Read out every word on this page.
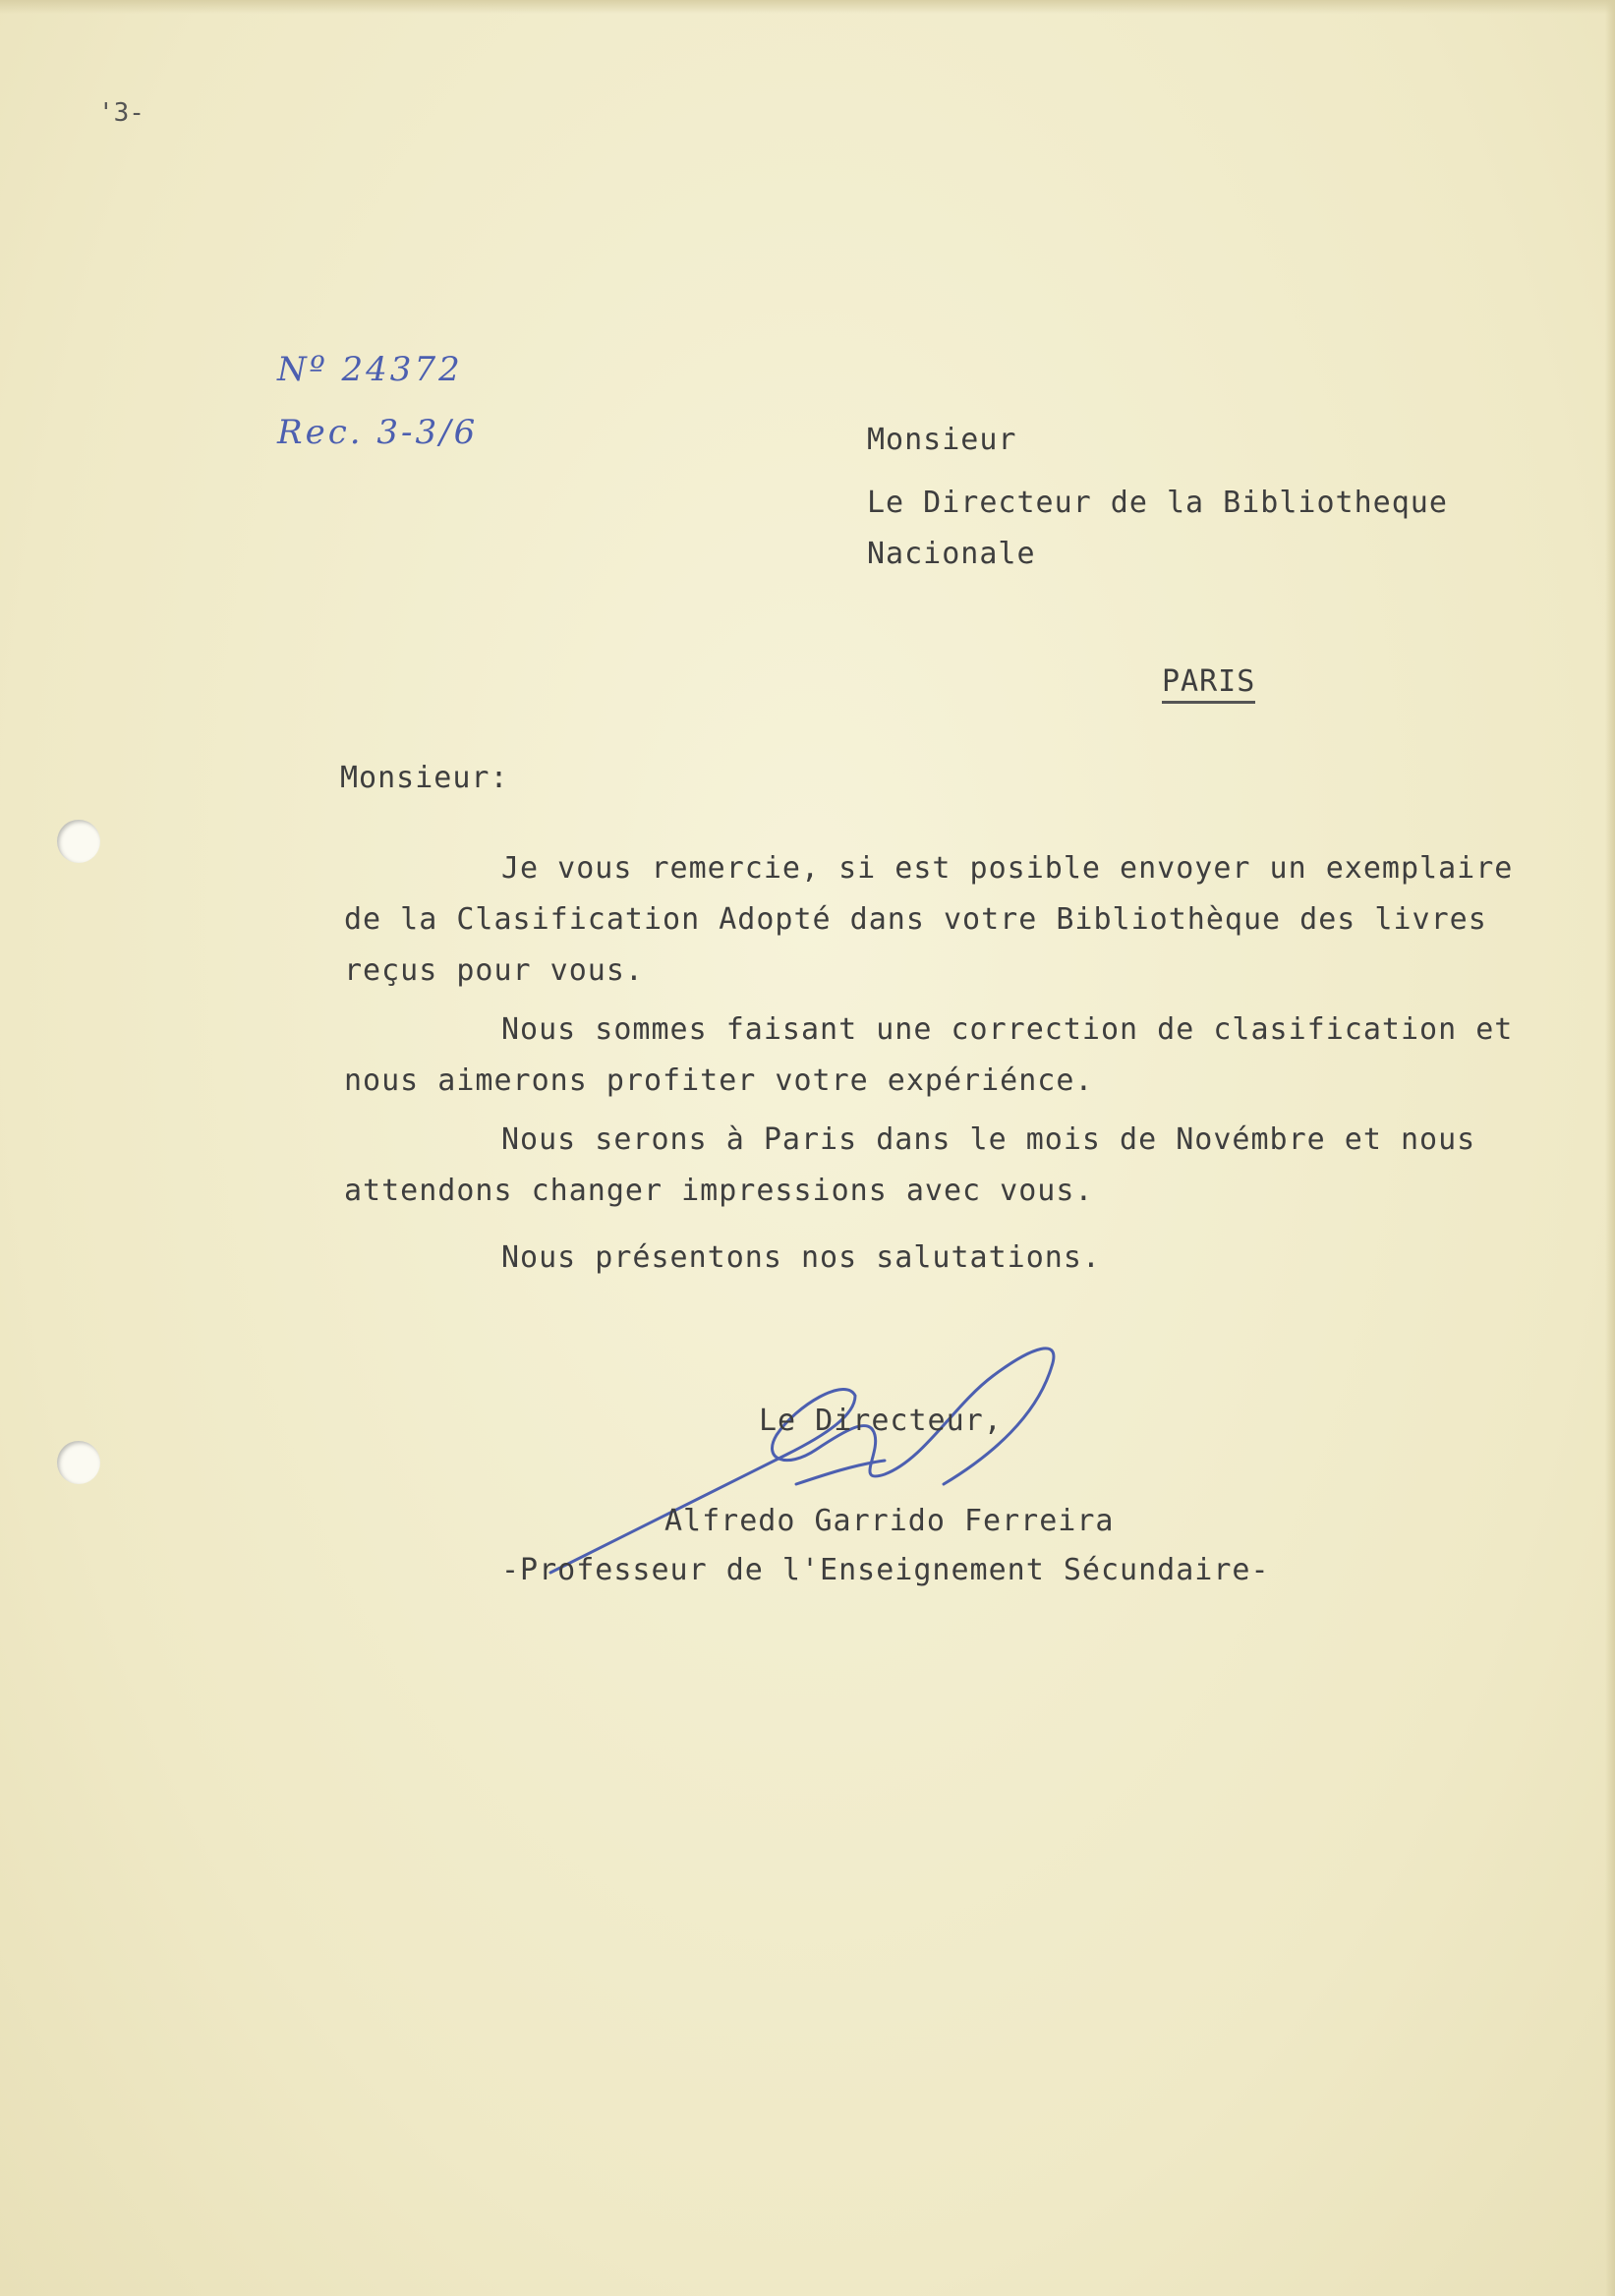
'3-
Nº 24372
Rec. 3-3/6	Monsieur
Le Directeur de la Bibliotheque
Nacionale
PARIS
Monsieur:
Je vous remercie, si est posible envoyer un exemplaire
de la Clasification Adopté dans votre Bibliothèque des livres
reçus pour vous.
Nous sommes faisant une correction de clasification et
nous aimerons profiter votre expériénce.
Nous serons à Paris dans le mois de Novémbre et nous
attendons changer impressions avec vous.
Nous présentons nos salutations.
Le Directeur,
Alfredo Garrido Ferreira
-Professeur de l'Enseignement Sécundaire-
